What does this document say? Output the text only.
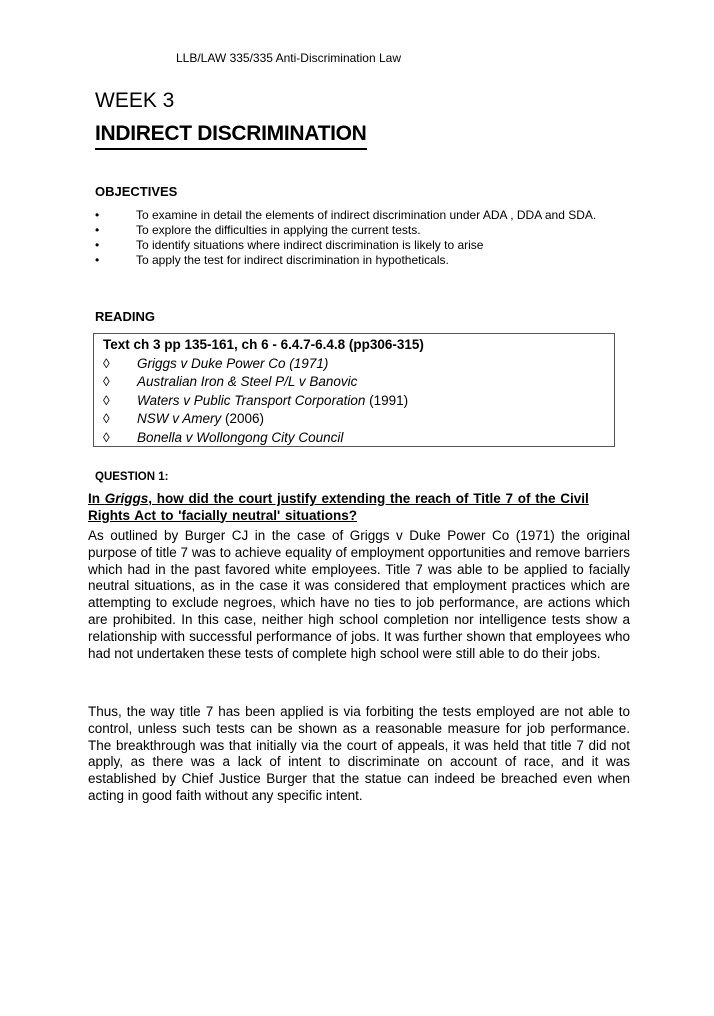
LLB/LAW 335/335 Anti-Discrimination Law
WEEK 3
INDIRECT DISCRIMINATION
OBJECTIVES
•	To examine in detail the elements of indirect discrimination under ADA , DDA and SDA.
•	To explore the difficulties in applying the current tests.
•	To identify situations where indirect discrimination is likely to arise
•	To apply the test for indirect discrimination in hypotheticals.
READING
Text ch 3 pp 135-161, ch 6 - 6.4.7-6.4.8 (pp306-315)
◊	Griggs v Duke Power Co (1971)
◊	Australian Iron & Steel P/L v Banovic
◊	Waters v Public Transport Corporation (1991)
◊	NSW v Amery (2006)
◊	Bonella v Wollongong City Council
QUESTION 1:
In Griggs, how did the court justify extending the reach of Title 7 of the Civil Rights Act to 'facially neutral' situations?
As outlined by Burger CJ in the case of Griggs v Duke Power Co (1971) the original purpose of title 7 was to achieve equality of employment opportunities and remove barriers which had in the past favored white employees. Title 7 was able to be applied to facially neutral situations, as in the case it was considered that employment practices which are attempting to exclude negroes, which have no ties to job performance, are actions which are prohibited. In this case, neither high school completion nor intelligence tests show a relationship with successful performance of jobs. It was further shown that employees who had not undertaken these tests of complete high school were still able to do their jobs.
Thus, the way title 7 has been applied is via forbiting the tests employed are not able to control, unless such tests can be shown as a reasonable measure for job performance. The breakthrough was that initially via the court of appeals, it was held that title 7 did not apply, as there was a lack of intent to discriminate on account of race, and it was established by Chief Justice Burger that the statue can indeed be breached even when acting in good faith without any specific intent.
